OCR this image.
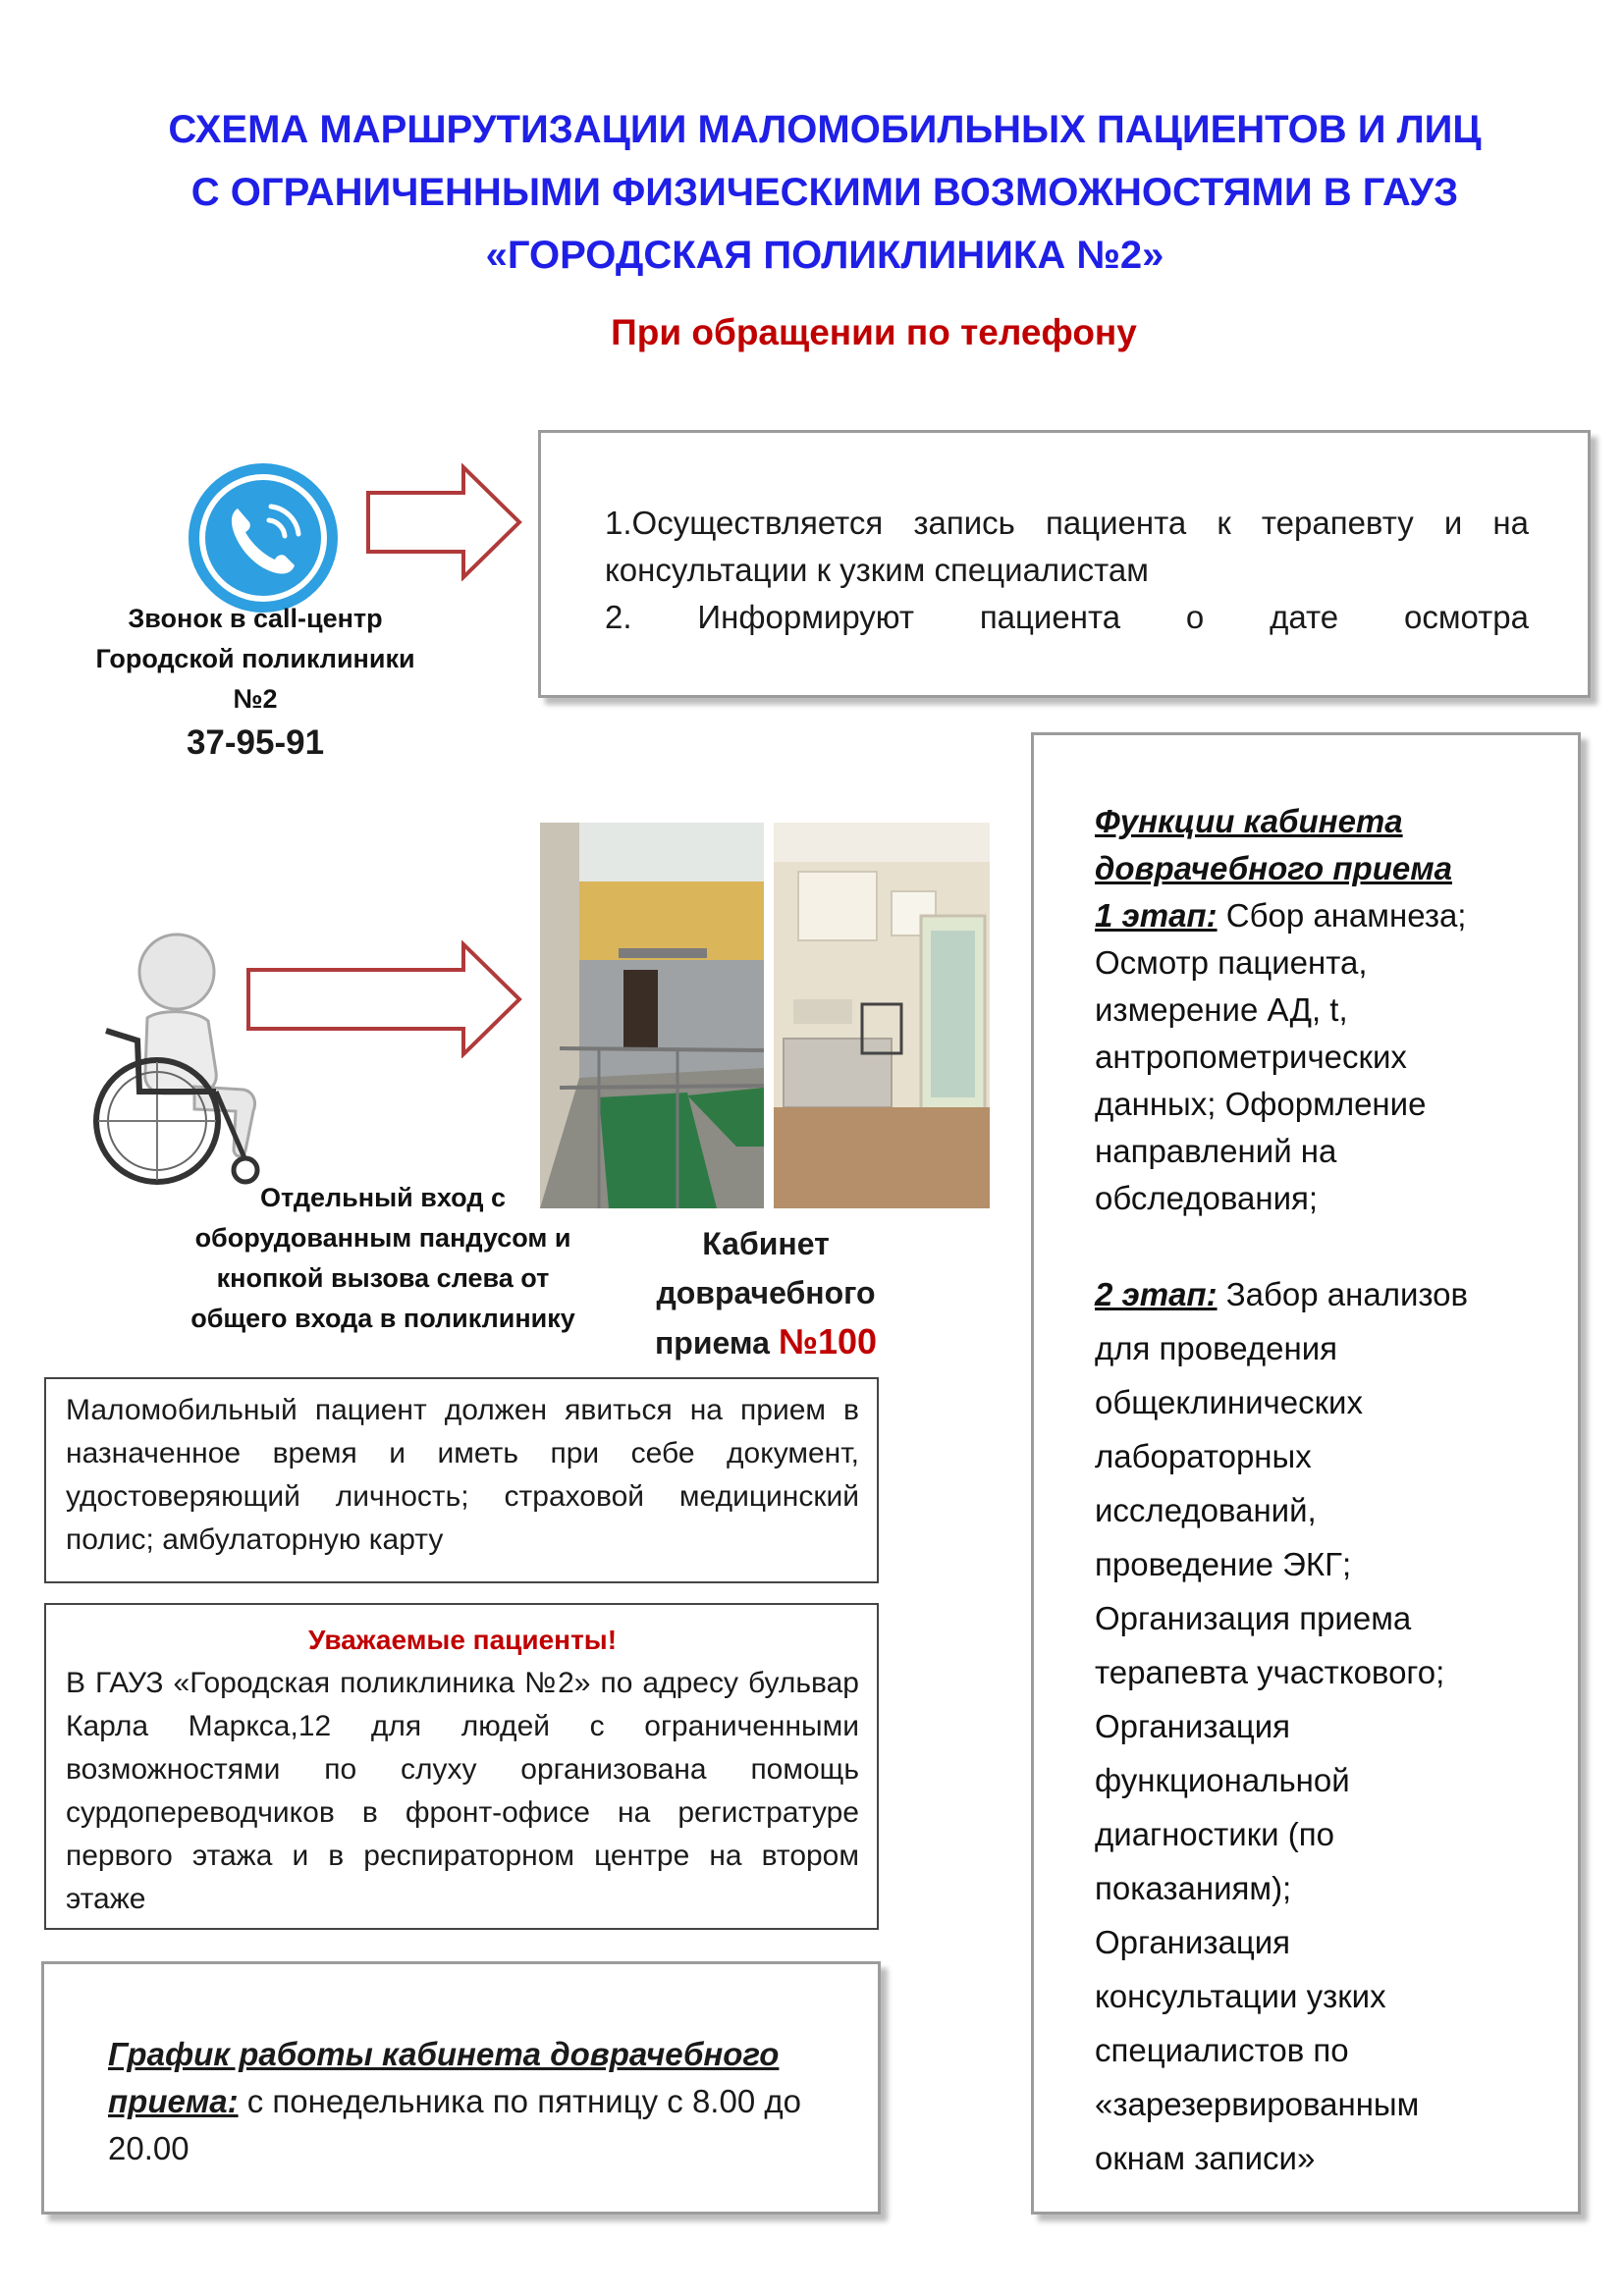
СХЕМА МАРШРУТИЗАЦИИ МАЛОМОБИЛЬНЫХ ПАЦИЕНТОВ И ЛИЦ
С ОГРАНИЧЕННЫМИ ФИЗИЧЕСКИМИ ВОЗМОЖНОСТЯМИ В ГАУЗ
«ГОРОДСКАЯ ПОЛИКЛИНИКА №2»
При обращении по телефону
Звонок в call-центр
Городской поликлиники
№2
37-95-91
1.Осуществляется запись пациента к терапевту и на консультации к узким специалистам
2. Информируют пациента о дате осмотра
Отдельный вход с
оборудованным пандусом и
кнопкой вызова слева от
общего входа в поликлинику
Кабинет
доврачебного
приема №100
Маломобильный пациент должен явиться на прием в назначенное время и иметь при себе документ, удостоверяющий личность; страховой медицинский полис; амбулаторную карту
Уважаемые пациенты!
В ГАУЗ «Городская поликлиника №2» по адресу бульвар Карла Маркса,12 для людей с ограниченными возможностями по слуху организована помощь сурдопереводчиков в фронт-офисе на регистратуре первого этажа и в респираторном центре на втором этаже
График работы кабинета доврачебного приема: с понедельника по пятницу с 8.00 до 20.00
Функции кабинета
доврачебного приема
1 этап: Сбор анамнеза;
Осмотр пациента,
измерение АД, t,
антропометрических
данных; Оформление
направлений на
обследования;
2 этап: Забор анализов
для проведения
общеклинических
лабораторных
исследований,
проведение ЭКГ;
Организация приема
терапевта участкового;
Организация
функциональной
диагностики (по
показаниям);
Организация
консультации узких
специалистов по
«зарезервированным
окнам записи»
